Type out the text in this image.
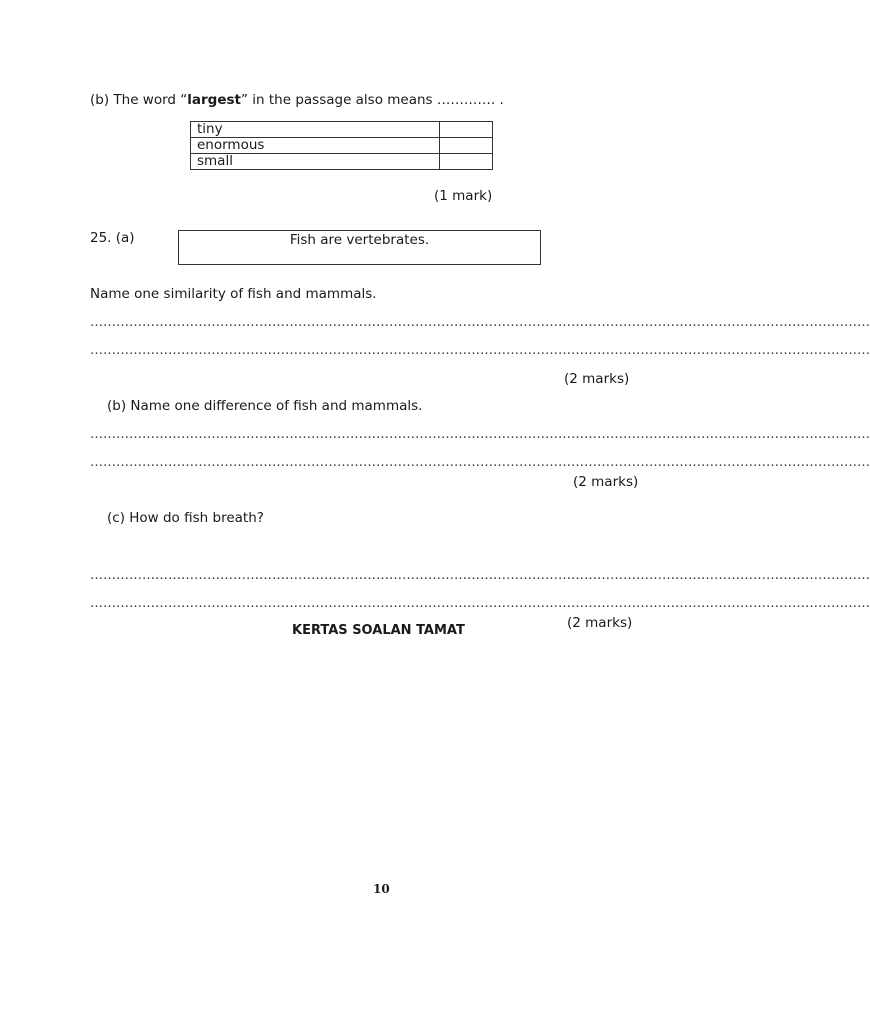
(b) The word “largest” in the passage also means …………. .
tiny	
enormous	
small	
(1 mark)
25. (a)	Fish are vertebrates.
Name one similarity of fish and mammals.
………………………………………………………………………………………………………………………………………………………………
………………………………………………………………………………………………………………………………………………………………
(2 marks)
(b) Name one difference of fish and mammals.
………………………………………………………………………………………………………………………………………………………………
………………………………………………………………………………………………………………………………………………………………
(2 marks)
(c) How do fish breath?
………………………………………………………………………………………………………………………………………………………………
………………………………………………………………………………………………………………………………………………………………
(2 marks)
KERTAS SOALAN TAMAT
10
